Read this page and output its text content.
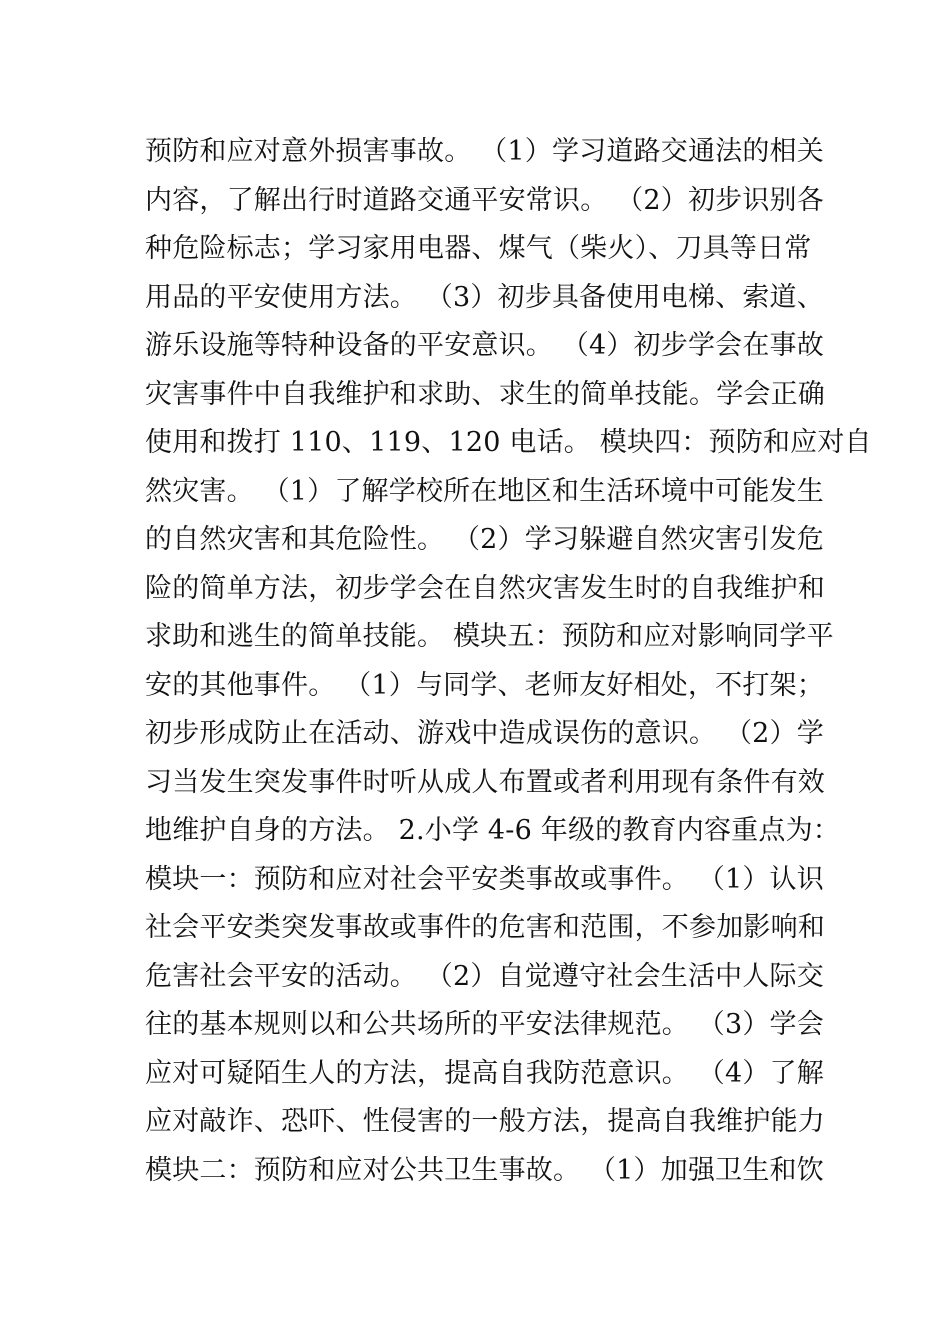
预防和应对意外损害事故。 （1）学习道路交通法的相关
内容，了解出行时道路交通平安常识。 （2）初步识别各
种危险标志；学习家用电器、煤气（柴火）、刀具等日常
用品的平安使用方法。 （3）初步具备使用电梯、索道、
游乐设施等特种设备的平安意识。 （4）初步学会在事故
灾害事件中自我维护和求助、求生的简单技能。学会正确
使用和拨打 110、119、120 电话。 模块四：预防和应对自
然灾害。 （1）了解学校所在地区和生活环境中可能发生
的自然灾害和其危险性。 （2）学习躲避自然灾害引发危
险的简单方法，初步学会在自然灾害发生时的自我维护和
求助和逃生的简单技能。 模块五：预防和应对影响同学平
安的其他事件。 （1）与同学、老师友好相处，不打架；
初步形成防止在活动、游戏中造成误伤的意识。 （2）学
习当发生突发事件时听从成人布置或者利用现有条件有效
地维护自身的方法。 2.小学 4-6 年级的教育内容重点为：
模块一：预防和应对社会平安类事故或事件。 （1）认识
社会平安类突发事故或事件的危害和范围，不参加影响和
危害社会平安的活动。 （2）自觉遵守社会生活中人际交
往的基本规则以和公共场所的平安法律规范。 （3）学会
应对可疑陌生人的方法，提高自我防范意识。 （4）了解
应对敲诈、恐吓、性侵害的一般方法，提高自我维护能力
模块二：预防和应对公共卫生事故。 （1）加强卫生和饮
